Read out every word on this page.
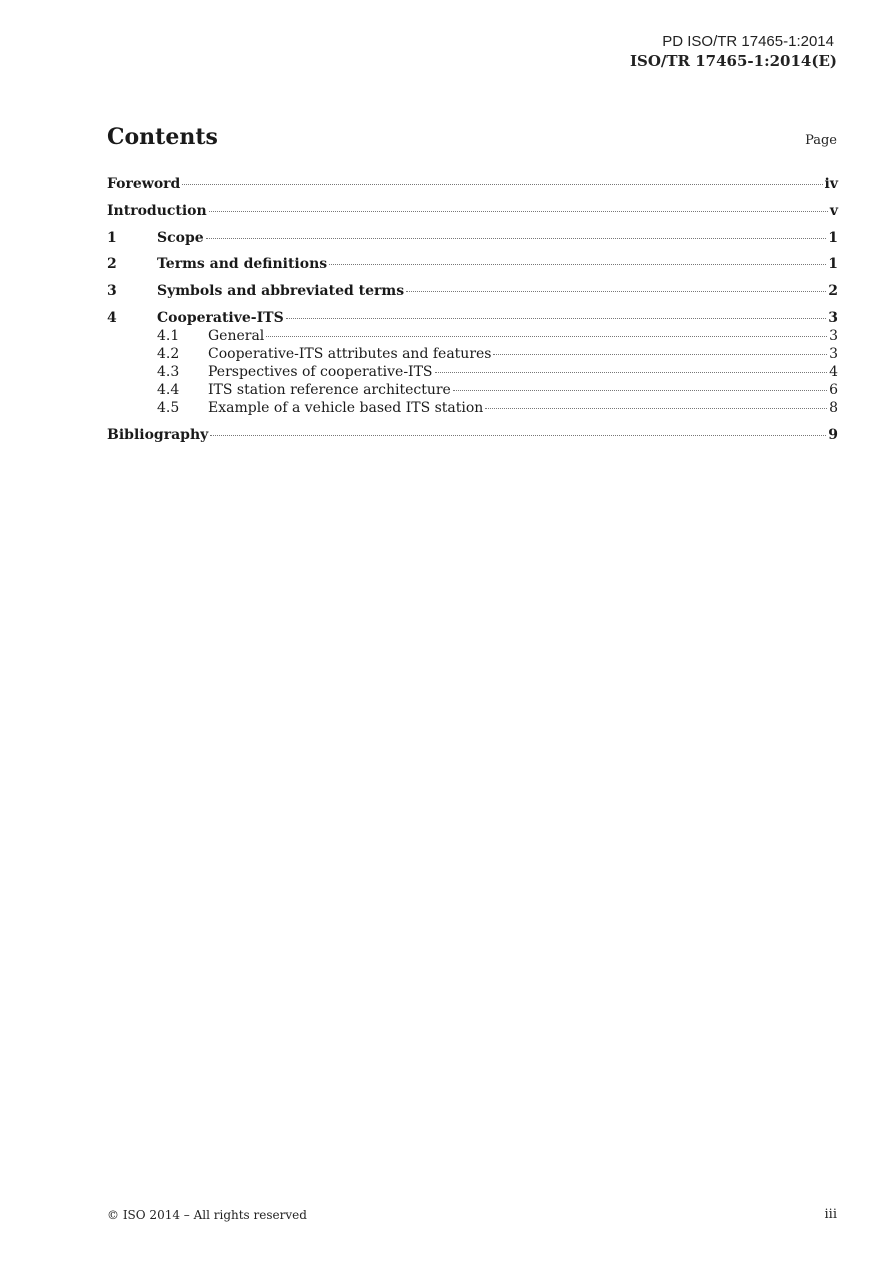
PD ISO/TR 17465-1:2014
ISO/TR 17465-1:2014(E)
Contents	Page
Foreword	iv
Introduction	v
1	Scope	1
2	Terms and definitions	1
3	Symbols and abbreviated terms	2
4	Cooperative-ITS	3
4.1	General	3
4.2	Cooperative-ITS attributes and features	3
4.3	Perspectives of cooperative-ITS	4
4.4	ITS station reference architecture	6
4.5	Example of a vehicle based ITS station	8
Bibliography	9
© ISO 2014 – All rights reserved	iii
